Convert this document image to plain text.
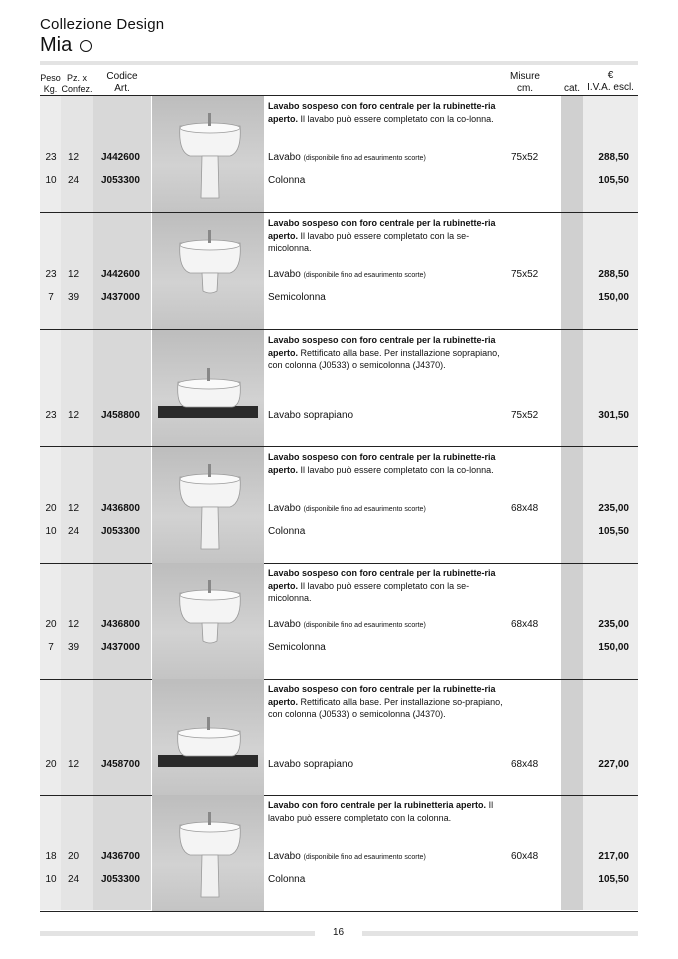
Collezione Design
Mia
Peso
Kg.
Pz. x
Confez.
Codice
Art.
Misure
cm.	cat.
€
I.V.A. escl.
Lavabo sospeso con foro centrale per la rubinette-ria aperto. Il lavabo può essere completato con la co-lonna.
23 12 J442600	Lavabo (disponibile fino ad esaurimento scorte)	75x52	288,50
10 24 J053300	Colonna	105,50
Lavabo sospeso con foro centrale per la rubinette-ria aperto. Il lavabo può essere completato con la se-micolonna.
23 12 J442600	Lavabo (disponibile fino ad esaurimento scorte)	75x52	288,50
7	39 J437000	Semicolonna	150,00
Lavabo sospeso con foro centrale per la rubinette-ria aperto. Rettificato alla base. Per installazione soprapiano, con colonna (J0533) o semicolonna (J4370).
23 12 J458800	Lavabo soprapiano	75x52	301,50
Lavabo sospeso con foro centrale per la rubinette-ria aperto. Il lavabo può essere completato con la co-lonna.
20 12 J436800	Lavabo (disponibile fino ad esaurimento scorte)	68x48	235,00
10 24 J053300	Colonna	105,50
Lavabo sospeso con foro centrale per la rubinette-ria aperto. Il lavabo può essere completato con la se-micolonna.
20 12 J436800	Lavabo (disponibile fino ad esaurimento scorte)	68x48	235,00
7	39 J437000	Semicolonna	150,00
Lavabo sospeso con foro centrale per la rubinette-ria aperto. Rettificato alla base. Per installazione so-prapiano, con colonna (J0533) o semicolonna (J4370).
20 12 J458700	Lavabo soprapiano	68x48	227,00
Lavabo con foro centrale per la rubinetteria aperto. Il lavabo può essere completato con la colonna.
18 20 J436700	Lavabo (disponibile fino ad esaurimento scorte)	60x48	217,00
10 24 J053300	Colonna	105,50
16
